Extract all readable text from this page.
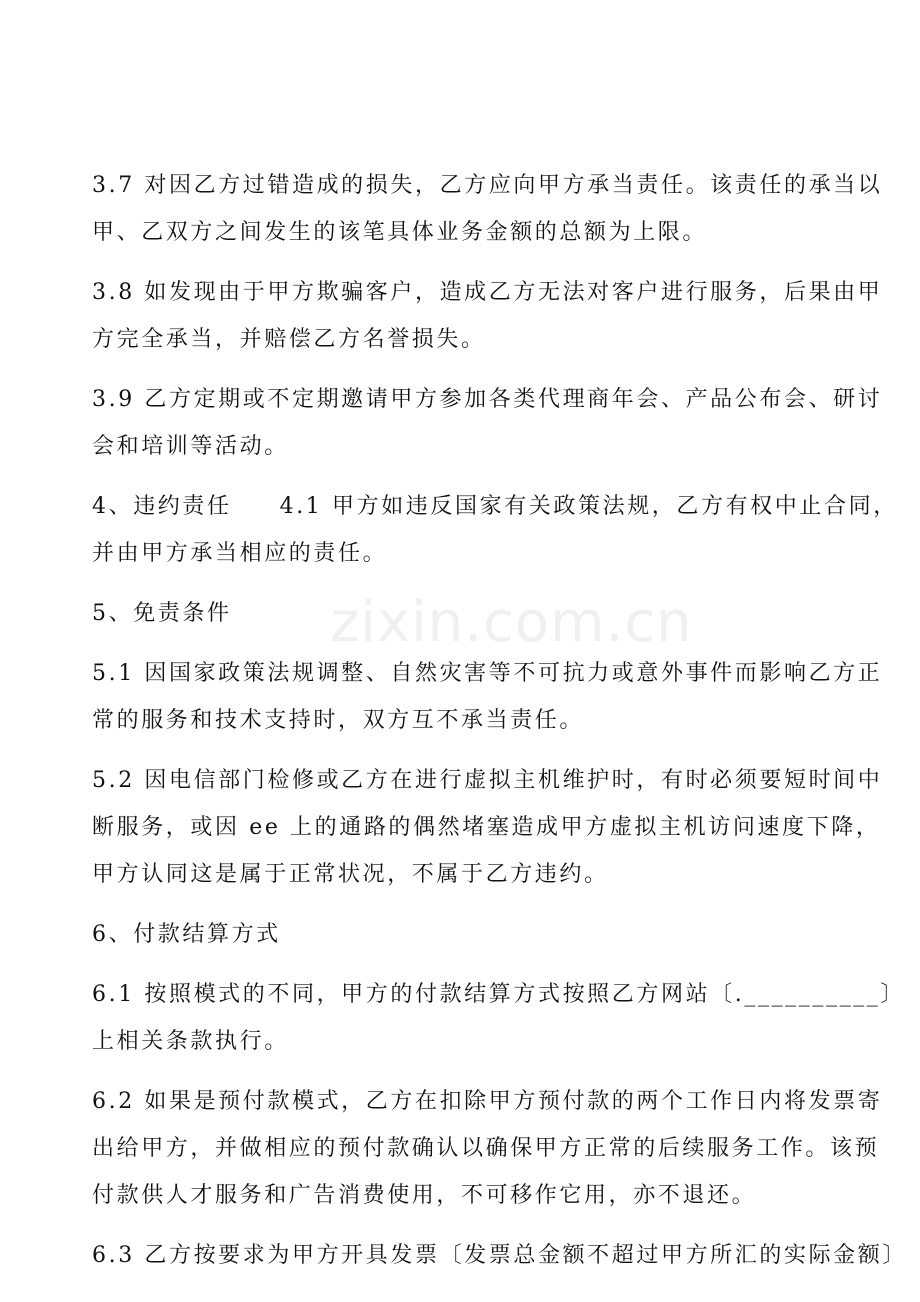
zixin.com.cn

3.7 对因乙方过错造成的损失，乙方应向甲方承当责任。该责任的承当以
甲、乙双方之间发生的该笔具体业务金额的总额为上限。

3.8 如发现由于甲方欺骗客户，造成乙方无法对客户进行服务，后果由甲
方完全承当，并赔偿乙方名誉损失。

3.9 乙方定期或不定期邀请甲方参加各类代理商年会、产品公布会、研讨
会和培训等活动。

4、违约责任 4.1 甲方如违反国家有关政策法规，乙方有权中止合同，
并由甲方承当相应的责任。

5、免责条件

5.1 因国家政策法规调整、自然灾害等不可抗力或意外事件而影响乙方正
常的服务和技术支持时，双方互不承当责任。

5.2 因电信部门检修或乙方在进行虚拟主机维护时，有时必须要短时间中
断服务，或因 ee 上的通路的偶然堵塞造成甲方虚拟主机访问速度下降，
甲方认同这是属于正常状况，不属于乙方违约。

6、付款结算方式

6.1 按照模式的不同，甲方的付款结算方式按照乙方网站〔.__________〕
上相关条款执行。

6.2 如果是预付款模式，乙方在扣除甲方预付款的两个工作日内将发票寄
出给甲方，并做相应的预付款确认以确保甲方正常的后续服务工作。该预
付款供人才服务和广告消费使用，不可移作它用，亦不退还。

6.3 乙方按要求为甲方开具发票〔发票总金额不超过甲方所汇的实际金额〕
